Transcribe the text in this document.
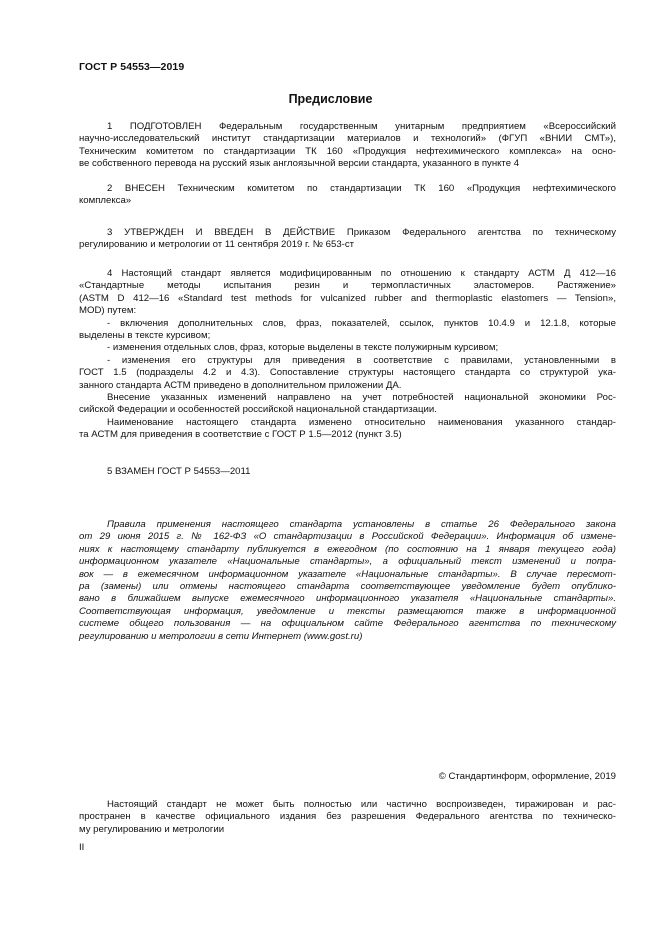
ГОСТ Р 54553—2019
Предисловие
1 ПОДГОТОВЛЕН Федеральным государственным унитарным предприятием «Всероссийский
научно-исследовательский институт стандартизации материалов и технологий» (ФГУП «ВНИИ СМТ»),
Техническим комитетом по стандартизации ТК 160 «Продукция нефтехимического комплекса» на осно-
ве собственного перевода на русский язык англоязычной версии стандарта, указанного в пункте 4
2 ВНЕСЕН Техническим комитетом по стандартизации ТК 160 «Продукция нефтехимического
комплекса»
3 УТВЕРЖДЕН И ВВЕДЕН В ДЕЙСТВИЕ Приказом Федерального агентства по техническому
регулированию и метрологии от 11 сентября 2019 г. № 653-ст
4 Настоящий стандарт является модифицированным по отношению к стандарту АСТМ Д 412—16
«Стандартные методы испытания резин и термопластичных эластомеров. Растяжение»
(ASTM D 412—16 «Standard test methods for vulcanized rubber and thermoplastic elastomers — Tension»,
MOD) путем:
- включения дополнительных слов, фраз, показателей, ссылок, пунктов 10.4.9 и 12.1.8, которые
выделены в тексте курсивом;
- изменения отдельных слов, фраз, которые выделены в тексте полужирным курсивом;
- изменения его структуры для приведения в соответствие с правилами, установленными в
ГОСТ 1.5 (подразделы 4.2 и 4.3). Сопоставление структуры настоящего стандарта со структурой ука-
занного стандарта АСТМ приведено в дополнительном приложении ДА.
Внесение указанных изменений направлено на учет потребностей национальной экономики Рос-
сийской Федерации и особенностей российской национальной стандартизации.
Наименование настоящего стандарта изменено относительно наименования указанного стандар-
та АСТМ для приведения в соответствие с ГОСТ Р 1.5—2012 (пункт 3.5)
5 ВЗАМЕН ГОСТ Р 54553—2011
Правила применения настоящего стандарта установлены в статье 26 Федерального закона
от 29 июня 2015 г. № 162-ФЗ «О стандартизации в Российской Федерации». Информация об измене-
ниях к настоящему стандарту публикуется в ежегодном (по состоянию на 1 января текущего года)
информационном указателе «Национальные стандарты», а официальный текст изменений и попра-
вок — в ежемесячном информационном указателе «Национальные стандарты». В случае пересмот-
ра (замены) или отмены настоящего стандарта соответствующее уведомление будет опублико-
вано в ближайшем выпуске ежемесячного информационного указателя «Национальные стандарты».
Соответствующая информация, уведомление и тексты размещаются также в информационной
системе общего пользования — на официальном сайте Федерального агентства по техническому
регулированию и метрологии в сети Интернет (www.gost.ru)
© Стандартинформ, оформление, 2019
Настоящий стандарт не может быть полностью или частично воспроизведен, тиражирован и рас-
пространен в качестве официального издания без разрешения Федерального агентства по техническо-
му регулированию и метрологии
II
